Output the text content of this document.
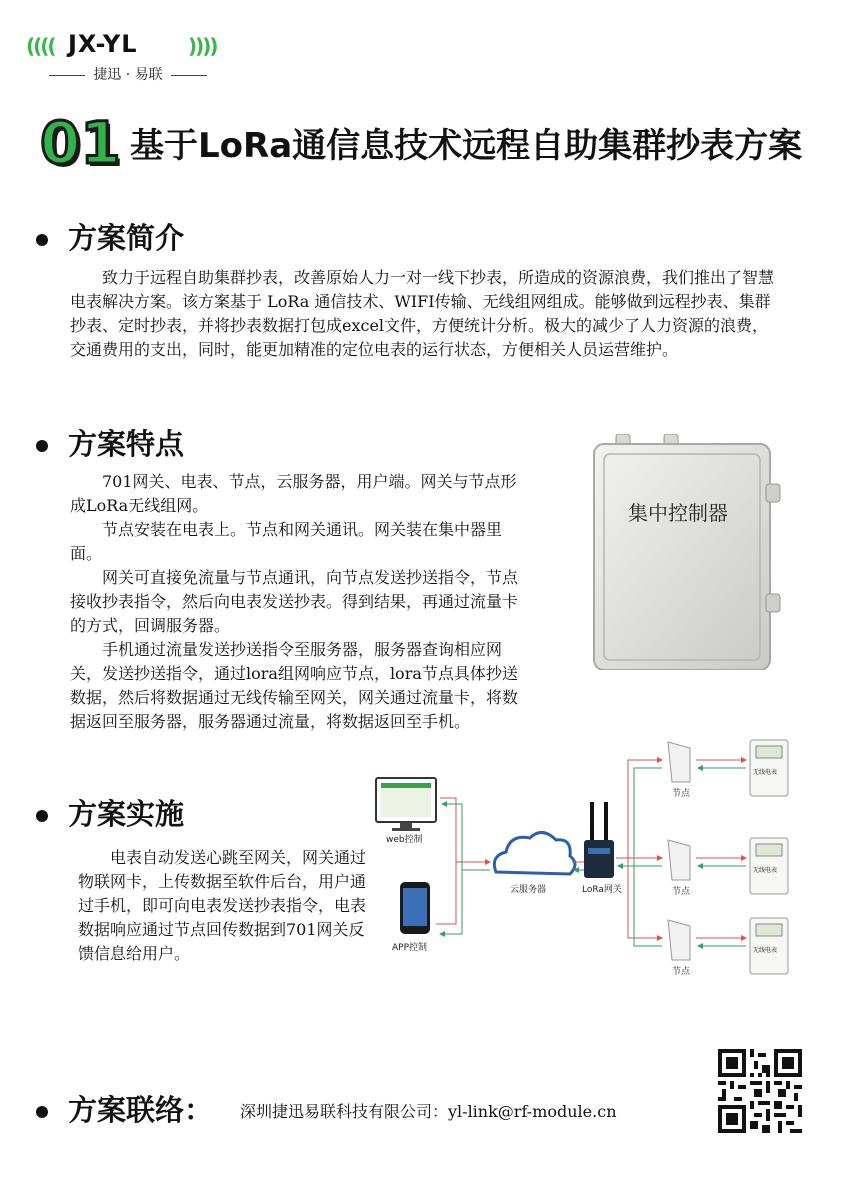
(((( JX-YL	))))
捷迅 · 易联
01 基于LoRa通信息技术远程自助集群抄表方案
方案简介

致力于远程自助集群抄表，改善原始人力一对一线下抄表，所造成的资源浪费，我们推出了智慧电表解决方案。该方案基于 LoRa 通信技术、WIFI传输、无线组网组成。能够做到远程抄表、集群抄表、定时抄表，并将抄表数据打包成excel文件，方便统计分析。极大的减少了人力资源的浪费，交通费用的支出，同时，能更加精准的定位电表的运行状态，方便相关人员运营维护。

方案特点

701网关、电表、节点，云服务器，用户端。网关与节点形成LoRa无线组网。

节点安装在电表上。节点和网关通讯。网关装在集中器里面。

网关可直接免流量与节点通讯，向节点发送抄送指令，节点接收抄表指令，然后向电表发送抄表。得到结果，再通过流量卡的方式，回调服务器。

手机通过流量发送抄送指令至服务器，服务器查询相应网关，发送抄送指令，通过lora组网响应节点，lora节点具体抄送数据，然后将数据通过无线传输至网关，网关通过流量卡，将数据返回至服务器，服务器通过流量，将数据返回至手机。

集中控制器
方案实施

电表自动发送心跳至网关，网关通过物联网卡，上传数据至软件后台，用户通过手机，即可向电表发送抄表指令，电表数据响应通过节点回传数据到701网关反馈信息给用户。

web控制
APP控制
云服务器	LoRa网关
节点
无线电表
节点
无线电表
节点
无线电表
方案联络： 深圳捷迅易联科技有限公司：yl-link@rf-module.cn
